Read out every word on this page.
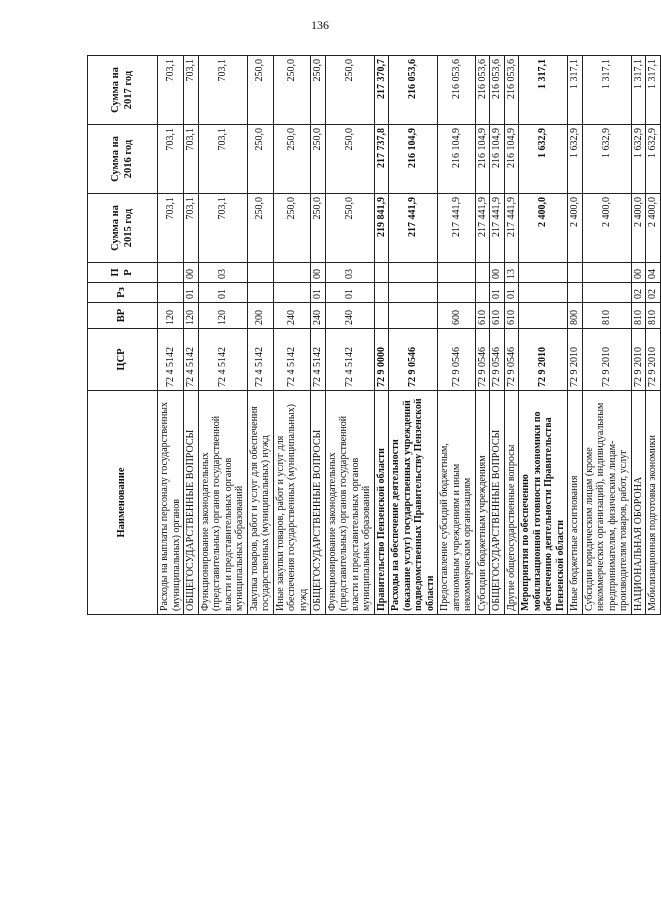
136
Наименование	ЦСР	ВР	Рз	ПР	Сумма на 2015 год	Сумма на 2016 год	Сумма на 2017 год
Расходы на выплаты персоналу государственных (муниципальных) органов	72 4 5142	120			703,1	703,1	703,1
ОБЩЕГОСУДАРСТВЕННЫЕ ВОПРОСЫ	72 4 5142	120	01	00	703,1	703,1	703,1
Функционирование законодательных (представительных) органов государственной власти и представительных органов муниципальных образований	72 4 5142	120	01	03	703,1	703,1	703,1
Закупка товаров, работ и услуг для обеспечения государственных (муниципальных) нужд	72 4 5142	200			250,0	250,0	250,0
Иные закупки товаров, работ и услуг для обеспечения государственных (муниципальных) нужд	72 4 5142	240			250,0	250,0	250,0
ОБЩЕГОСУДАРСТВЕННЫЕ ВОПРОСЫ	72 4 5142	240	01	00	250,0	250,0	250,0
Функционирование законодательных (представительных) органов государственной власти и представительных органов муниципальных образований	72 4 5142	240	01	03	250,0	250,0	250,0
Правительство Пензенской области	72 9 0000				219 841,9	217 737,8	217 370,7
Расходы на обеспечение деятельности (оказание услуг) государственных учреждений подведомственных Правительству Пензенской области	72 9 0546				217 441,9	216 104,9	216 053,6
Предоставление субсидий бюджетным, автономным учреждениям и иным некоммерческим организациям	72 9 0546	600			217 441,9	216 104,9	216 053,6
Субсидии бюджетным учреждениям	72 9 0546	610			217 441,9	216 104,9	216 053,6
ОБЩЕГОСУДАРСТВЕННЫЕ ВОПРОСЫ	72 9 0546	610	01	00	217 441,9	216 104,9	216 053,6
Другие общегосударственные вопросы	72 9 0546	610	01	13	217 441,9	216 104,9	216 053,6
Мероприятия по обеспечению мобилизационной готовности экономики по обеспечению деятельности Правительства Пензенской области	72 9 2010				2 400,0	1 632,9	1 317,1
Иные бюджетные ассигнования	72 9 2010	800			2 400,0	1 632,9	1 317,1
Субсидии юридическим лицам (кроме некоммерческих организаций), индивидуальным предпринимателям, физическим лицам-производителям товаров, работ, услуг	72 9 2010	810			2 400,0	1 632,9	1 317,1
НАЦИОНАЛЬНАЯ ОБОРОНА	72 9 2010	810	02	00	2 400,0	1 632,9	1 317,1
Мобилизационная подготовка экономики	72 9 2010	810	02	04	2 400,0	1 632,9	1 317,1
